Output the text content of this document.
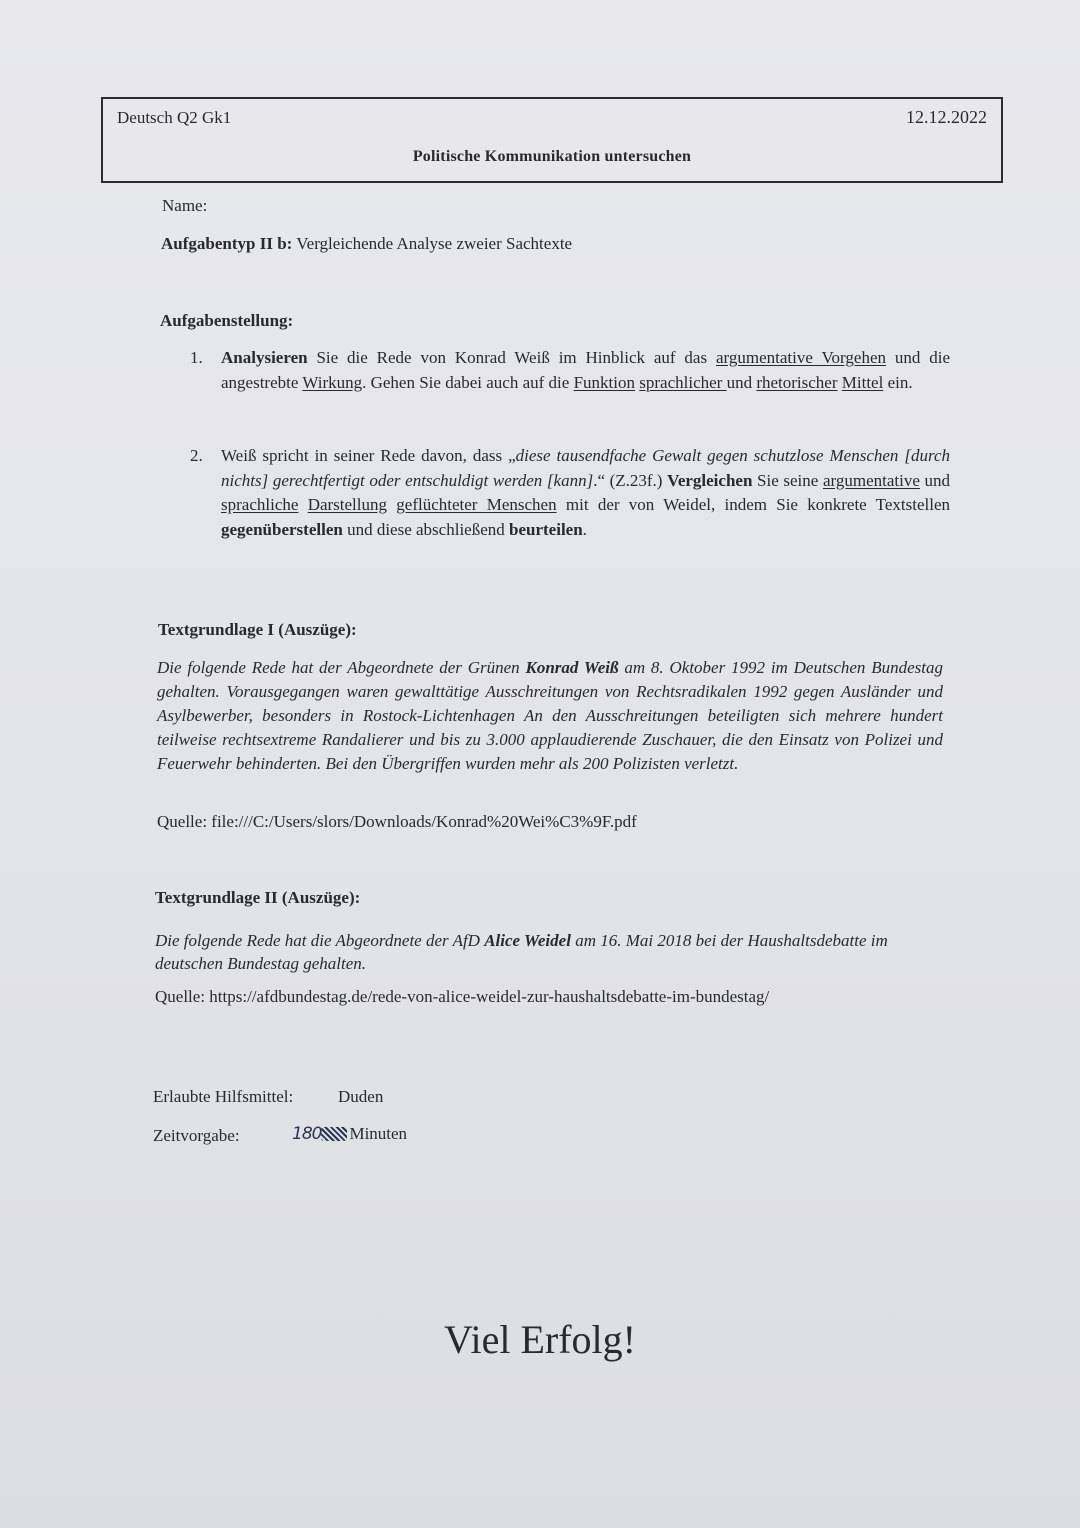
Deutsch Q2 Gk1	12.12.2022
Politische Kommunikation untersuchen
Name:
Aufgabentyp II b: Vergleichende Analyse zweier Sachtexte
Aufgabenstellung:
1. Analysieren Sie die Rede von Konrad Weiß im Hinblick auf das argumentative Vorgehen und die angestrebte Wirkung. Gehen Sie dabei auch auf die Funktion sprachlicher und rhetorischer Mittel ein.
2. Weiß spricht in seiner Rede davon, dass „diese tausendfache Gewalt gegen schutzlose Menschen [durch nichts] gerechtfertigt oder entschuldigt werden [kann].“ (Z.23f.) Vergleichen Sie seine argumentative und sprachliche Darstellung geflüchteter Menschen mit der von Weidel, indem Sie konkrete Textstellen gegenüberstellen und diese abschließend beurteilen.
Textgrundlage I (Auszüge):
Die folgende Rede hat der Abgeordnete der Grünen Konrad Weiß am 8. Oktober 1992 im Deutschen Bundestag gehalten. Vorausgegangen waren gewalttätige Ausschreitungen von Rechtsradikalen 1992 gegen Ausländer und Asylbewerber, besonders in Rostock-Lichtenhagen An den Ausschreitungen beteiligten sich mehrere hundert teilweise rechtsextreme Randalierer und bis zu 3.000 applaudierende Zuschauer, die den Einsatz von Polizei und Feuerwehr behinderten. Bei den Übergriffen wurden mehr als 200 Polizisten verletzt.
Quelle: file:///C:/Users/slors/Downloads/Konrad%20Wei%C3%9F.pdf
Textgrundlage II (Auszüge):
Die folgende Rede hat die Abgeordnete der AfD Alice Weidel am 16. Mai 2018 bei der Haushaltsdebatte im deutschen Bundestag gehalten.
Quelle: https://afdbundestag.de/rede-von-alice-weidel-zur-haushaltsdebatte-im-bundestag/
Erlaubte Hilfsmittel:	Duden
Zeitvorgabe:	180 Minuten
Viel Erfolg!
